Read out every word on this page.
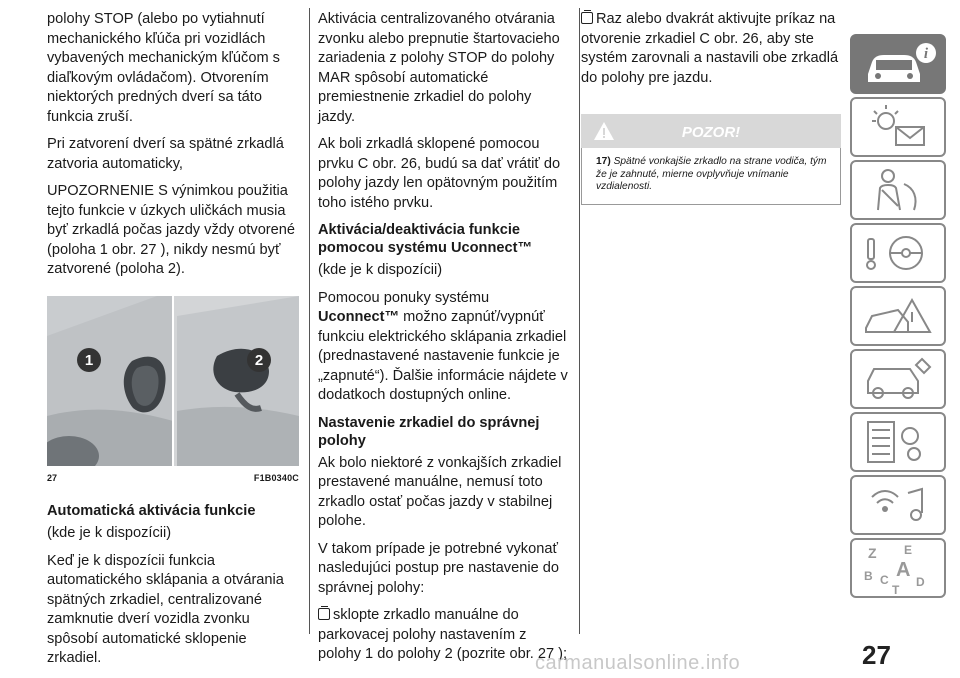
polohy STOP (alebo po vytiahnutí mechanického kľúča pri vozidlách vybavených mechanickým kľúčom s diaľkovým ovládačom). Otvorením niektorých predných dverí sa táto funkcia zruší.

Pri zatvorení dverí sa spätné zrkadlá zatvoria automaticky,

UPOZORNENIE S výnimkou použitia tejto funkcie v úzkych uličkách musia byť zrkadlá počas jazdy vždy otvorené (poloha 1 obr. 27 ), nikdy nesmú byť zatvorené (poloha 2).

1	2
27	F1B0340C
Automatická aktivácia funkcie

(kde je k dispozícii)

Keď je k dispozícii funkcia automatického sklápania a otvárania spätných zrkadiel, centralizované zamknutie dverí vozidla zvonku spôsobí automatické sklopenie zrkadiel.

Aktivácia centralizovaného otvárania zvonku alebo prepnutie štartovacieho zariadenia z polohy STOP do polohy MAR spôsobí automatické premiestnenie zrkadiel do polohy jazdy.

Ak boli zrkadlá sklopené pomocou prvku C obr. 26, budú sa dať vrátiť do polohy jazdy len opätovným použitím toho istého prvku.

Aktivácia/deaktivácia funkcie pomocou systému Uconnect™

(kde je k dispozícii)

Pomocou ponuky systému
Uconnect™ možno zapnúť/vypnúť funkciu elektrického sklápania zrkadiel (prednastavené nastavenie funkcie je „zapnuté“). Ďalšie informácie nájdete v dodatkoch dostupných online.

Nastavenie zrkadiel do správnej polohy

Ak bolo niektoré z vonkajších zrkadiel prestavené manuálne, nemusí toto zrkadlo ostať počas jazdy v stabilnej polohe.

V takom prípade je potrebné vykonať nasledujúci postup pre nastavenie do správnej polohy:

sklopte zrkadlo manuálne do parkovacej polohy nastavením z polohy 1 do polohy 2 (pozrite obr. 27 );

Raz alebo dvakrát aktivujte príkaz na otvorenie zrkadiel C obr. 26, aby ste systém zarovnali a nastavili obe zrkadlá do polohy pre jazdu.

POZOR!
17) Spätné vonkajšie zrkadlo na strane vodiča, tým že je zahnuté, mierne ovplyvňuje vnímanie vzdialenosti.
i
Z E
B A
C D
T
27
carmanualsonline.info
